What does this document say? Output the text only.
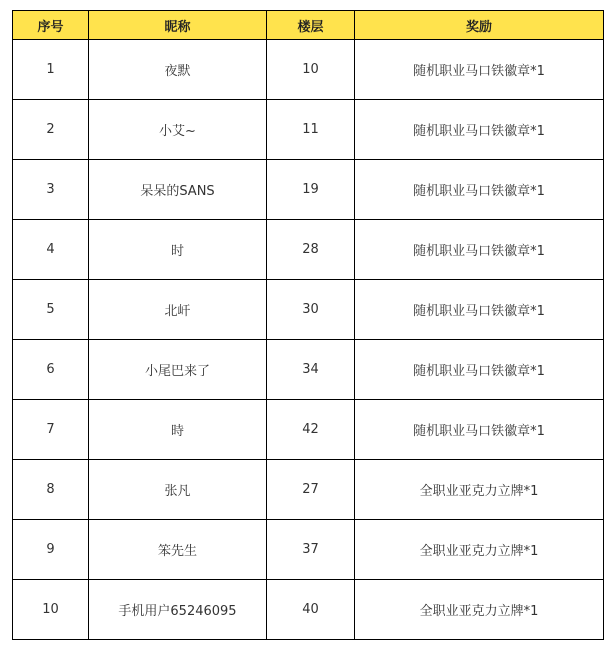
序号	昵称	楼层	奖励
1	夜默	10	随机职业马口铁徽章*1
2	小艾~	11	随机职业马口铁徽章*1
3	呆呆的SANS	19	随机职业马口铁徽章*1
4	时	28	随机职业马口铁徽章*1
5	北屽	30	随机职业马口铁徽章*1
6	小尾巴来了	34	随机职业马口铁徽章*1
7	時	42	随机职业马口铁徽章*1
8	张凡	27	全职业亚克力立牌*1
9	笨先生	37	全职业亚克力立牌*1
10	手机用户65246095	40	全职业亚克力立牌*1
